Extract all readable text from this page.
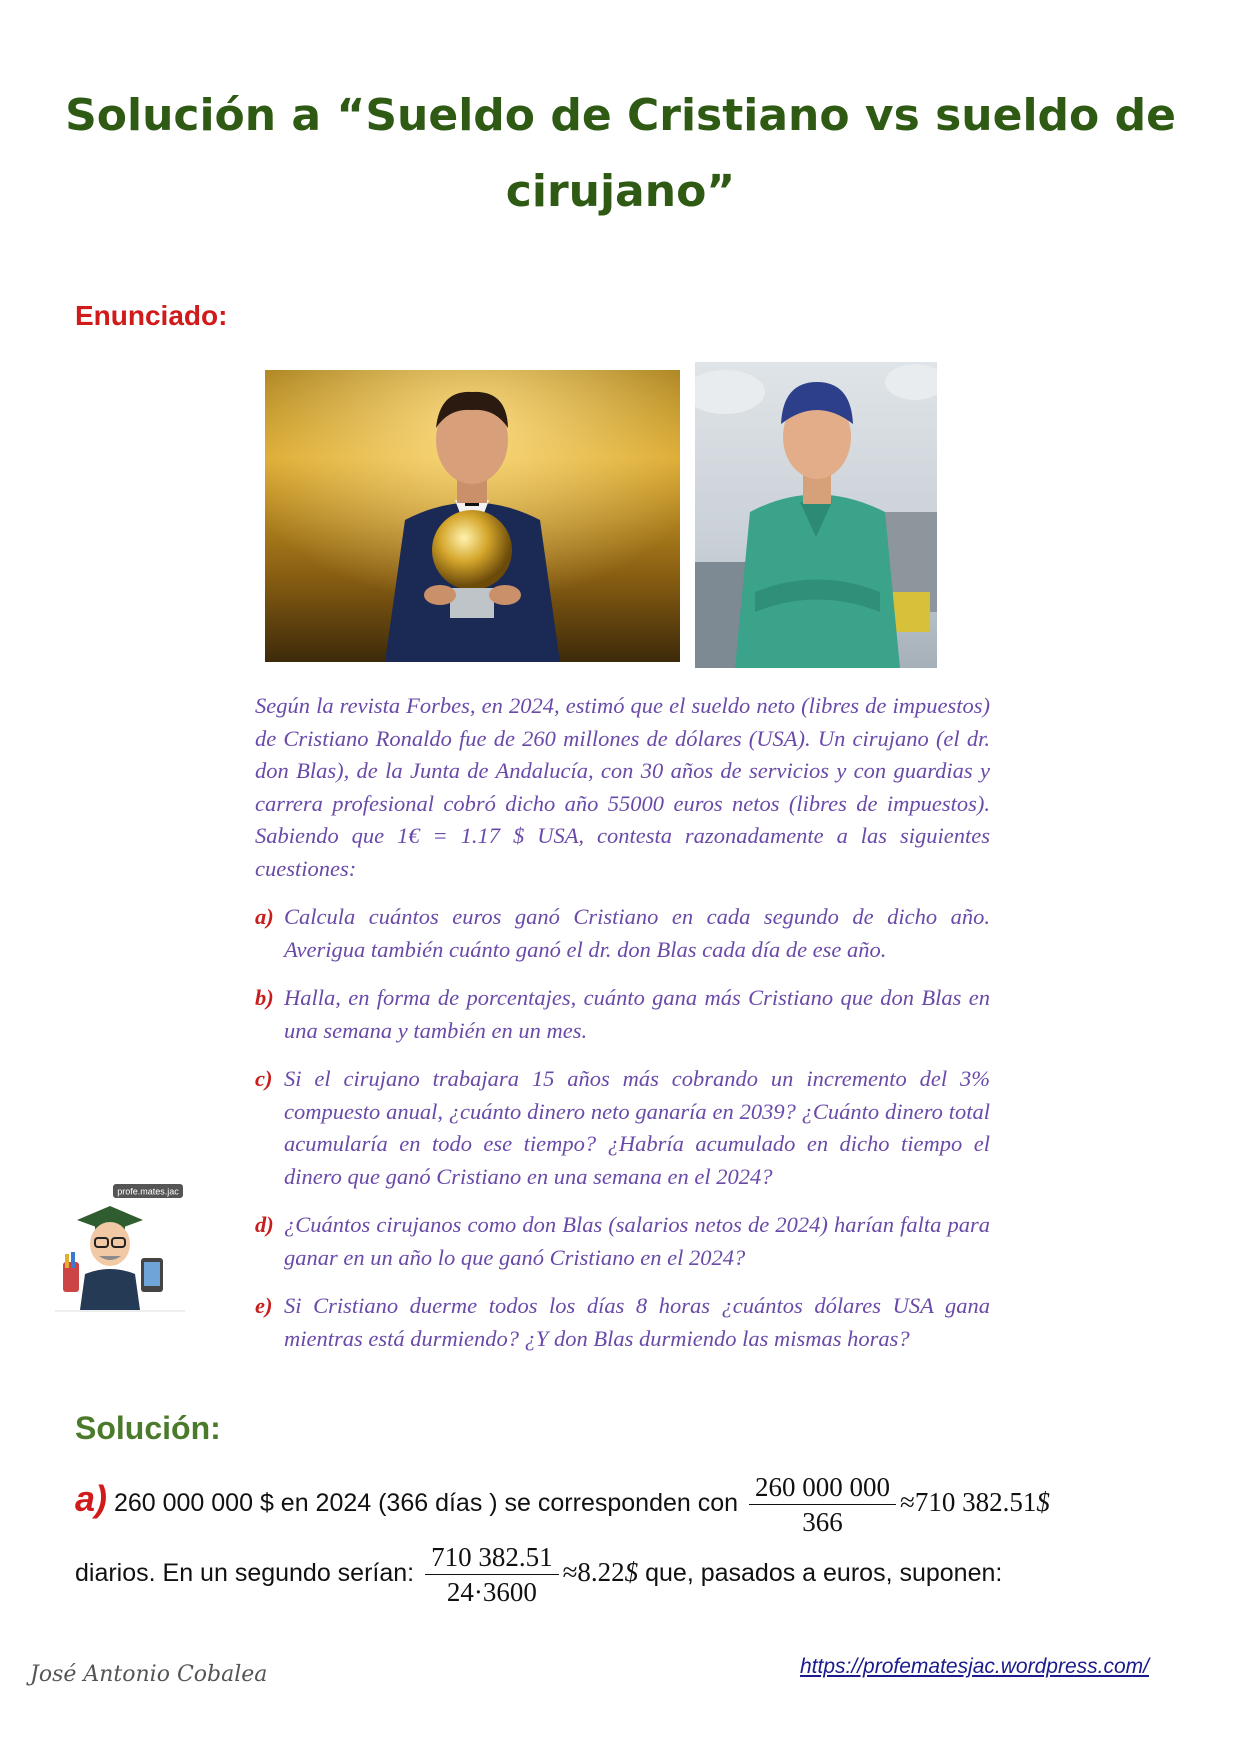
Solución a “Sueldo de Cristiano vs sueldo de cirujano”
Enunciado:

Según la revista Forbes, en 2024, estimó que el sueldo neto (libres de impuestos) de Cristiano Ronaldo fue de 260 millones de dólares (USA). Un cirujano (el dr. don Blas), de la Junta de Andalucía, con 30 años de servicios y con guardias y carrera profesional cobró dicho año 55000 euros netos (libres de impuestos). Sabiendo que 1€ = 1.17 $ USA, contesta razonadamente a las siguientes cuestiones:

a) Calcula cuántos euros ganó Cristiano en cada segundo de dicho año. Averigua también cuánto ganó el dr. don Blas cada día de ese año.
b) Halla, en forma de porcentajes, cuánto gana más Cristiano que don Blas en una semana y también en un mes.
c) Si el cirujano trabajara 15 años más cobrando un incremento del 3% compuesto anual, ¿cuánto dinero neto ganaría en 2039? ¿Cuánto dinero total acumularía en todo ese tiempo? ¿Habría acumulado en dicho tiempo el dinero que ganó Cristiano en una semana en el 2024?
d) ¿Cuántos cirujanos como don Blas (salarios netos de 2024) harían falta para ganar en un año lo que ganó Cristiano en el 2024?
e) Si Cristiano duerme todos los días 8 horas ¿cuántos dólares USA gana mientras está durmiendo? ¿Y don Blas durmiendo las mismas horas?
profe.mates.jac
Solución:
a) 260 000 000 $ en 2024 (366 días ) se corresponden con $\frac{260 000 000}{366} \approx 710$ 382.51$
diarios. En un segundo serían: $\frac{710 382.51}{24\cdot 3600}$ ≈8.22$ que, pasados a euros, suponen:
José Antonio Cobalea	https://profematesjac.wordpress.com/
